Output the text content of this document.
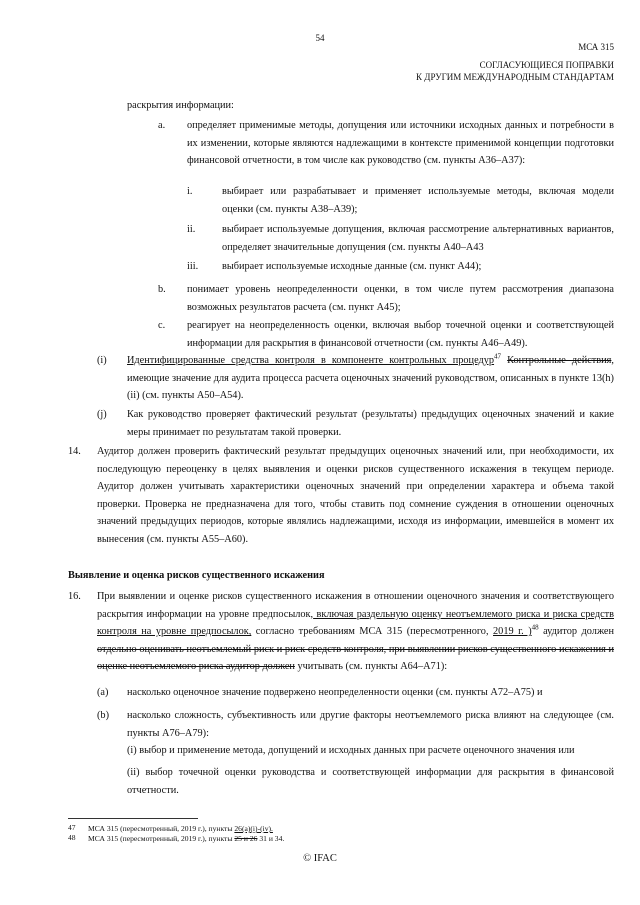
54
МСА 315
СОГЛАСУЮЩИЕСЯ ПОПРАВКИ
К ДРУГИМ МЕЖДУНАРОДНЫМ СТАНДАРТАМ
раскрытия информации:
a. определяет применимые методы, допущения или источники исходных данных и потребности в их изменении, которые являются надлежащими в контексте применимой концепции подготовки финансовой отчетности, в том числе как руководство (см. пункты A36–A37):
i.	выбирает или разрабатывает и применяет используемые методы, включая модели оценки (см. пункты A38–A39);
ii.	выбирает используемые допущения, включая рассмотрение альтернативных вариантов, определяет значительные допущения (см. пункты A40–A43
iii. выбирает используемые исходные данные (см. пункт A44);
b. понимает уровень неопределенности оценки, в том числе путем рассмотрения диапазона возможных результатов расчета (см. пункт A45);
c. реагирует на неопределенность оценки, включая выбор точечной оценки и соответствующей информации для раскрытия в финансовой отчетности (см. пункты A46–A49).
(i) Идентифицированные средства контроля в компоненте контрольных процедур$^{47}$ Контрольные действия, имеющие значение для аудита процесса расчета оценочных значений руководством, описанных в пункте 13(h)(ii) (см. пункты A50–A54).
(j) Как руководство проверяет фактический результат (результаты) предыдущих оценочных значений и какие меры принимает по результатам такой проверки.
14. Аудитор должен проверить фактический результат предыдущих оценочных значений или, при необходимости, их последующую переоценку в целях выявления и оценки рисков существенного искажения в текущем периоде. Аудитор должен учитывать характеристики оценочных значений при определении характера и объема такой проверки. Проверка не предназначена для того, чтобы ставить под сомнение суждения в отношении оценочных значений предыдущих периодов, которые являлись надлежащими, исходя из информации, имевшейся в момент их вынесения (см. пункты A55–A60).
Выявление и оценка рисков существенного искажения
16. При выявлении и оценке рисков существенного искажения в отношении оценочного значения и соответствующего раскрытия информации на уровне предпосылок, включая раздельную оценку неотъемлемого риска и риска средств контроля на уровне предпосылок, согласно требованиям МСА 315 (пересмотренного, 2019 г. )$^{48}$ аудитор должен отдельно оценивать неотъемлемый риск и риск средств контроля, при выявлении рисков существенного искажения и оценке неотъемлемого риска аудитор должен учитывать (см. пункты A64–A71):
(a) насколько оценочное значение подвержено неопределенности оценки (см. пункты A72–A75) и
(b) насколько сложность, субъективность или другие факторы неотъемлемого риска влияют на следующее (см. пункты A76–A79):
(i) выбор и применение метода, допущений и исходных данных при расчете оценочного значения или
(ii) выбор точечной оценки руководства и соответствующей информации для раскрытия в финансовой отчетности.
47 МСА 315 (пересмотренный, 2019 г.), пункты 26(a)(i)-(iv).
48 МСА 315 (пересмотренный, 2019 г.), пункты 25 и 26 31 и 34.
© IFAC
